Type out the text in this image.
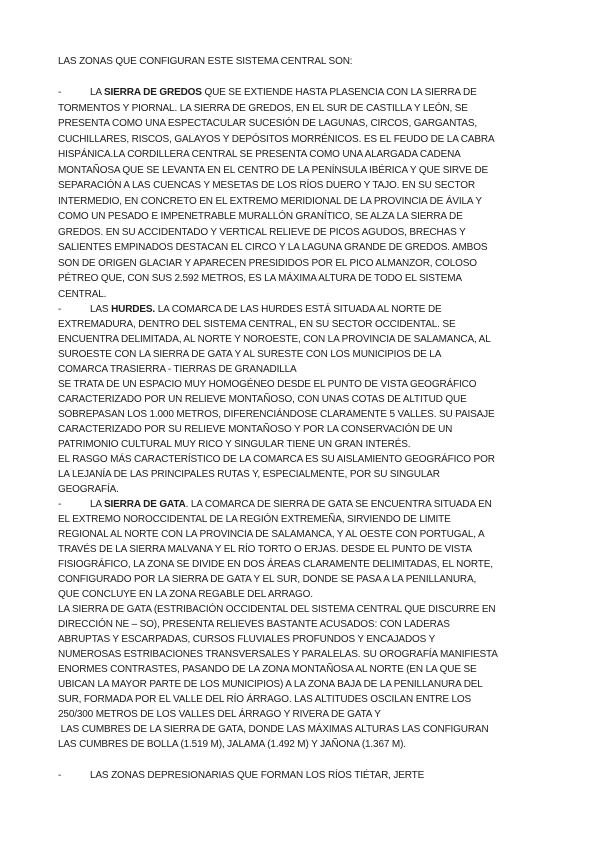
LAS ZONAS QUE CONFIGURAN ESTE SISTEMA CENTRAL SON:
-	LA SIERRA DE GREDOS QUE SE EXTIENDE HASTA PLASENCIA CON LA SIERRA DE
TORMENTOS Y PIORNAL. LA SIERRA DE GREDOS, EN EL SUR DE CASTILLA Y LEÓN, SE
PRESENTA COMO UNA ESPECTACULAR SUCESIÓN DE LAGUNAS, CIRCOS, GARGANTAS,
CUCHILLARES, RISCOS, GALAYOS Y DEPÓSITOS MORRÉNICOS. ES EL FEUDO DE LA CABRA
HISPÁNICA.LA CORDILLERA CENTRAL SE PRESENTA COMO UNA ALARGADA CADENA
MONTAÑOSA QUE SE LEVANTA EN EL CENTRO DE LA PENÍNSULA IBÉRICA Y QUE SIRVE DE
SEPARACIÓN A LAS CUENCAS Y MESETAS DE LOS RÍOS DUERO Y TAJO. EN SU SECTOR
INTERMEDIO, EN CONCRETO EN EL EXTREMO MERIDIONAL DE LA PROVINCIA DE ÁVILA Y
COMO UN PESADO E IMPENETRABLE MURALLÓN GRANÍTICO, SE ALZA LA SIERRA DE
GREDOS. EN SU ACCIDENTADO Y VERTICAL RELIEVE DE PICOS AGUDOS, BRECHAS Y
SALIENTES EMPINADOS DESTACAN EL CIRCO Y LA LAGUNA GRANDE DE GREDOS. AMBOS
SON DE ORIGEN GLACIAR Y APARECEN PRESIDIDOS POR EL PICO ALMANZOR, COLOSO
PÉTREO QUE, CON SUS 2.592 METROS, ES LA MÁXIMA ALTURA DE TODO EL SISTEMA
CENTRAL.
-	LAS HURDES. LA COMARCA DE LAS HURDES ESTÁ SITUADA AL NORTE DE
EXTREMADURA, DENTRO DEL SISTEMA CENTRAL, EN SU SECTOR OCCIDENTAL. SE
ENCUENTRA DELIMITADA, AL NORTE Y NOROESTE, CON LA PROVINCIA DE SALAMANCA, AL
SUROESTE CON LA SIERRA DE GATA Y AL SURESTE CON LOS MUNICIPIOS DE LA
COMARCA TRASIERRA - TIERRAS DE GRANADILLA
SE TRATA DE UN ESPACIO MUY HOMOGÉNEO DESDE EL PUNTO DE VISTA GEOGRÁFICO
CARACTERIZADO POR UN RELIEVE MONTAÑOSO, CON UNAS COTAS DE ALTITUD QUE
SOBREPASAN LOS 1.000 METROS, DIFERENCIÁNDOSE CLARAMENTE 5 VALLES. SU PAISAJE
CARACTERIZADO POR SU RELIEVE MONTAÑOSO Y POR LA CONSERVACIÓN DE UN
PATRIMONIO CULTURAL MUY RICO Y SINGULAR TIENE UN GRAN INTERÉS.
EL RASGO MÁS CARACTERÍSTICO DE LA COMARCA ES SU AISLAMIENTO GEOGRÁFICO POR
LA LEJANÍA DE LAS PRINCIPALES RUTAS Y, ESPECIALMENTE, POR SU SINGULAR
GEOGRAFÍA.
-	LA SIERRA DE GATA. LA COMARCA DE SIERRA DE GATA SE ENCUENTRA SITUADA EN
EL EXTREMO NOROCCIDENTAL DE LA REGIÓN EXTREMEÑA, SIRVIENDO DE LIMITE
REGIONAL AL NORTE CON LA PROVINCIA DE SALAMANCA, Y AL OESTE CON PORTUGAL, A
TRAVÉS DE LA SIERRA MALVANA Y EL RÍO TORTO O ERJAS. DESDE EL PUNTO DE VISTA
FISIOGRÁFICO, LA ZONA SE DIVIDE EN DOS ÁREAS CLARAMENTE DELIMITADAS, EL NORTE,
CONFIGURADO POR LA SIERRA DE GATA Y EL SUR, DONDE SE PASA A LA PENILLANURA,
QUE CONCLUYE EN LA ZONA REGABLE DEL ARRAGO.
LA SIERRA DE GATA (ESTRIBACIÓN OCCIDENTAL DEL SISTEMA CENTRAL QUE DISCURRE EN
DIRECCIÓN NE – SO), PRESENTA RELIEVES BASTANTE ACUSADOS: CON LADERAS
ABRUPTAS Y ESCARPADAS, CURSOS FLUVIALES PROFUNDOS Y ENCAJADOS Y
NUMEROSAS ESTRIBACIONES TRANSVERSALES Y PARALELAS. SU OROGRAFÍA MANIFIESTA
ENORMES CONTRASTES, PASANDO DE LA ZONA MONTAÑOSA AL NORTE (EN LA QUE SE
UBICAN LA MAYOR PARTE DE LOS MUNICIPIOS) A LA ZONA BAJA DE LA PENILLANURA DEL
SUR, FORMADA POR EL VALLE DEL RÍO ÁRRAGO. LAS ALTITUDES OSCILAN ENTRE LOS
250/300 METROS DE LOS VALLES DEL ÁRRAGO Y RIVERA DE GATA Y
LAS CUMBRES DE LA SIERRA DE GATA, DONDE LAS MÁXIMAS ALTURAS LAS CONFIGURAN
LAS CUMBRES DE BOLLA (1.519 M), JALAMA (1.492 M) Y JAÑONA (1.367 M).
-	LAS ZONAS DEPRESIONARIAS QUE FORMAN LOS RÍOS TIÉTAR, JERTE
